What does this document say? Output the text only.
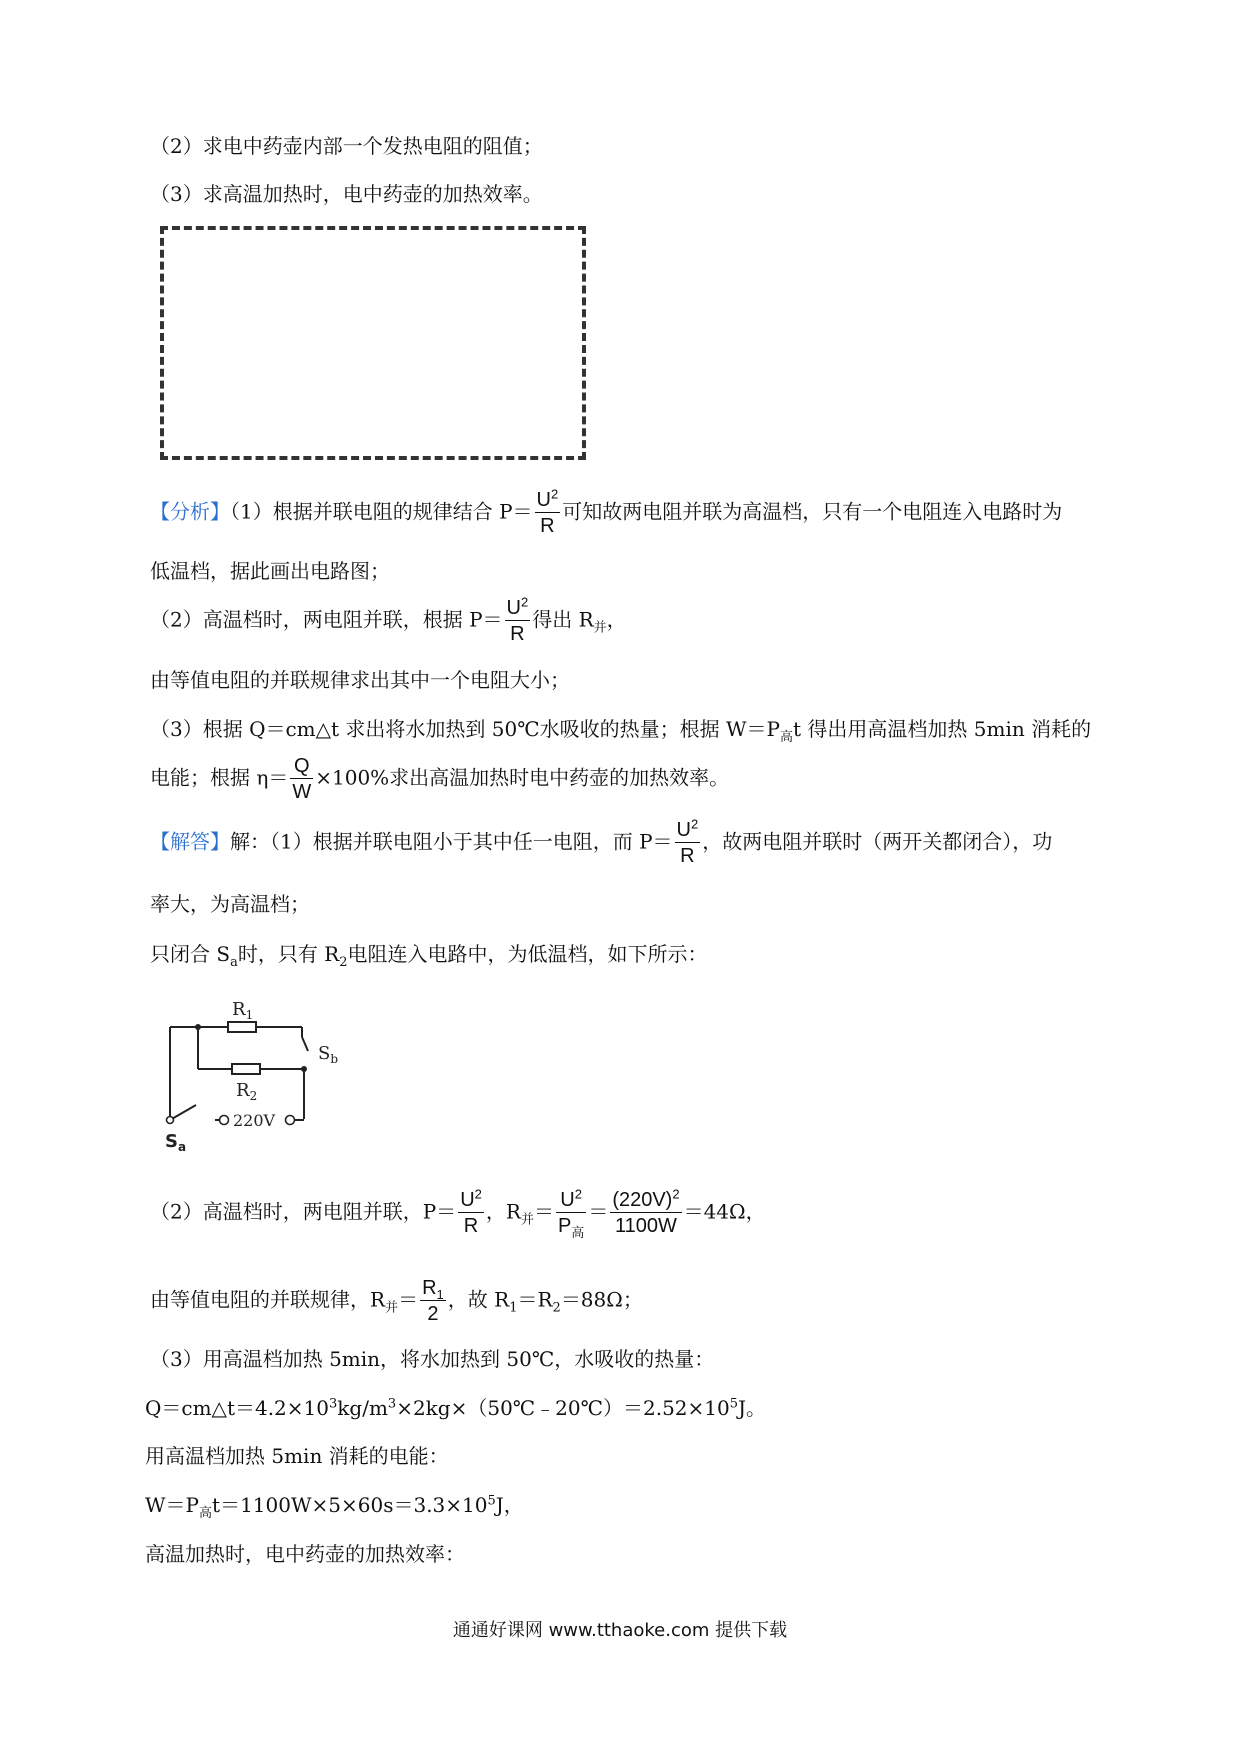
（2）求电中药壶内部一个发热电阻的阻值；
（3）求高温加热时，电中药壶的加热效率。
【分析】（1）根据并联电阻的规律结合 $P= \frac{U^2}{R}$ 可知故两电阻并联为高温档，只有一个电阻连入电路时为
低温档，据此画出电路图；
（2）高温档时，两电阻并联，根据 $P= \frac{U^2}{R}$ 得出 $R_并$，
由等值电阻的并联规律求出其中一个电阻大小；
（3）根据 Q＝cm△t 求出将水加热到 50℃水吸收的热量；根据 $W=P_高t$ 得出用高温档加热 5min 消耗的
电能；根据 $\eta= \frac{Q}{W} \times 100\%$求出高温加热时电中药壶的加热效率。
【解答】解：（1）根据并联电阻小于其中任一电阻，而 $P= \frac{U^2}{R}$ ，故两电阻并联时（两开关都闭合），功
率大，为高温档；
只闭合 $S_a$时，只有 $R_2$电阻连入电路中，为低温档，如下所示：
$R_1$
$R_2$
$S_b$
$S_a$
220V
（2）高温档时，两电阻并联，$P= \frac{U^2}{R}$ ，$R_并= \frac{U^2}{P_高} = \frac{(220V)^2}{1100W} =44\Omega$，
由等值电阻的并联规律，$R_并= \frac{R_1}{2}$ ，故 $R_1=R_2=88\Omega$；
（3）用高温档加热 5min，将水加热到 50℃，水吸收的热量：
$Q=cm\triangle t=4.2\times 10^3kg/m^3\times 2kg\times(50℃﹣20℃)=2.52\times 10^5J$。
用高温档加热 5min 消耗的电能：
$W=P_高t=1100W\times 5\times 60s=3.3\times 10^5J$，
高温加热时，电中药壶的加热效率：
通通好课网 www.tthaoke.com 提供下载
